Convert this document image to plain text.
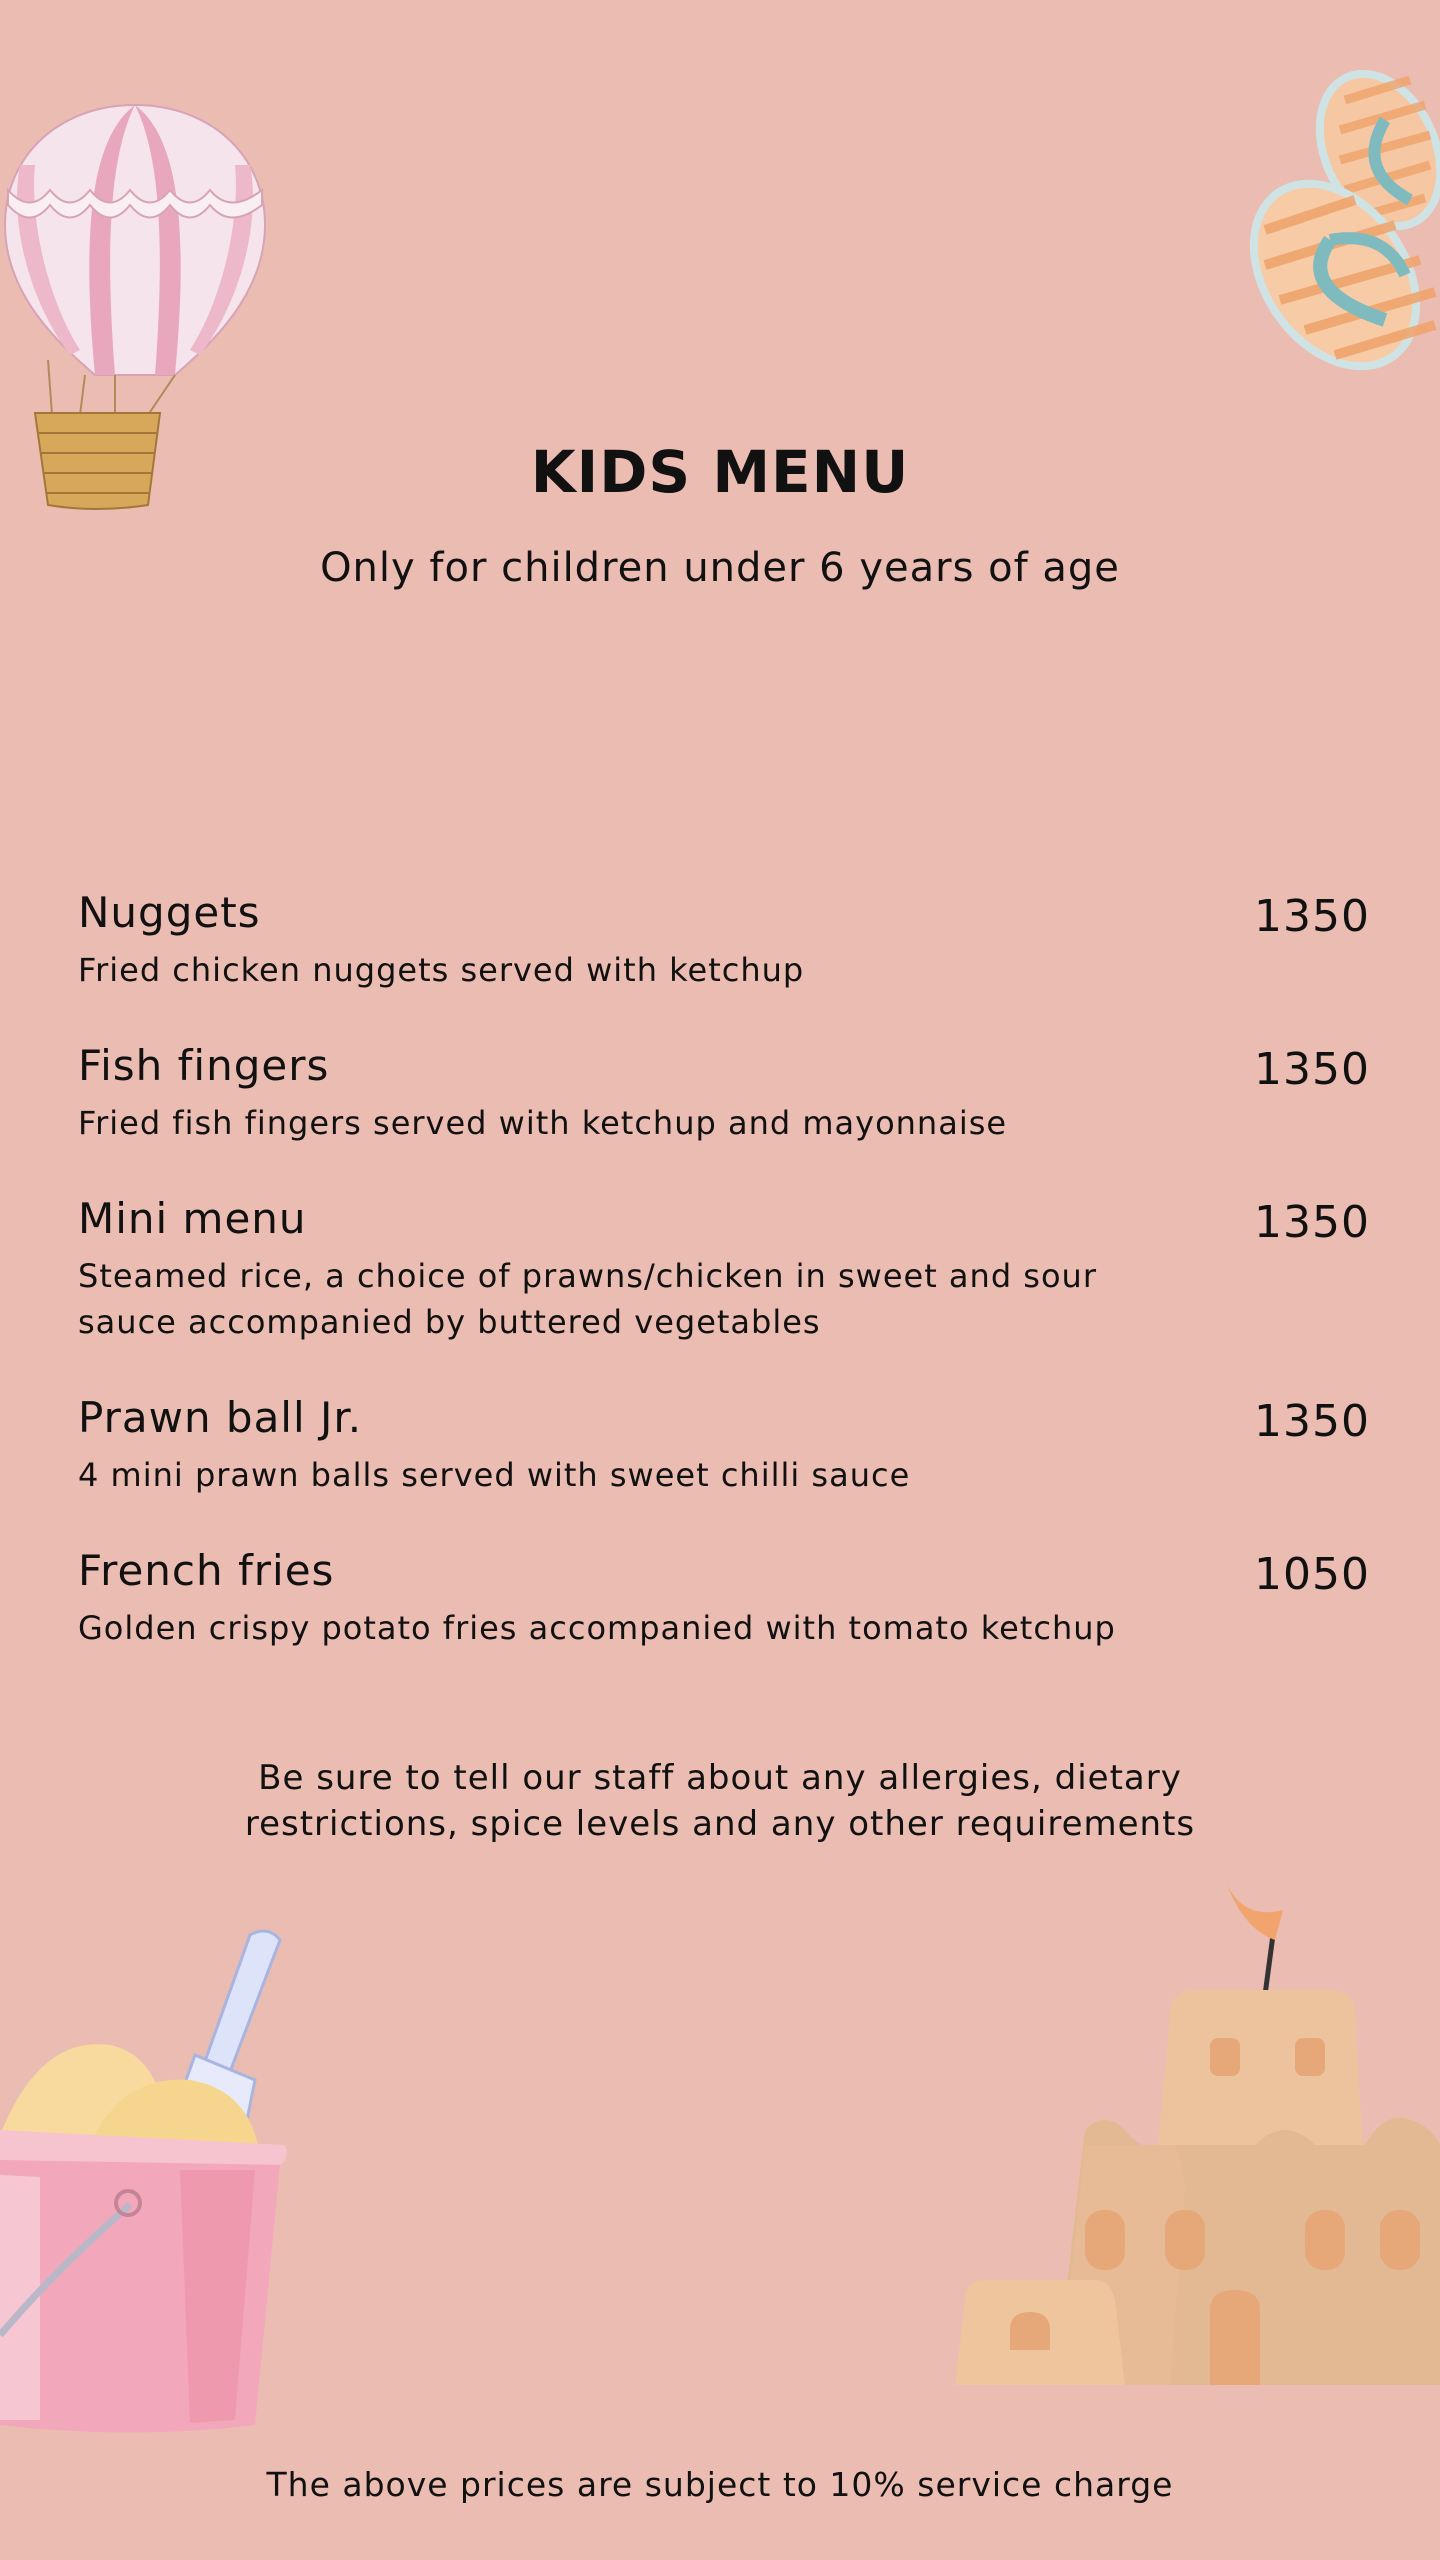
KIDS MENU
Only for children under 6 years of age
Nuggets	1350
Fried chicken nuggets served with ketchup
Fish fingers	1350
Fried fish fingers served with ketchup and mayonnaise
Mini menu	1350
Steamed rice, a choice of prawns/chicken in sweet and sour sauce accompanied by buttered vegetables
Prawn ball Jr.	1350
4 mini prawn balls served with sweet chilli sauce
French fries	1050
Golden crispy potato fries accompanied with tomato ketchup
Be sure to tell our staff about any allergies, dietary restrictions, spice levels and any other requirements
The above prices are subject to 10% service charge
